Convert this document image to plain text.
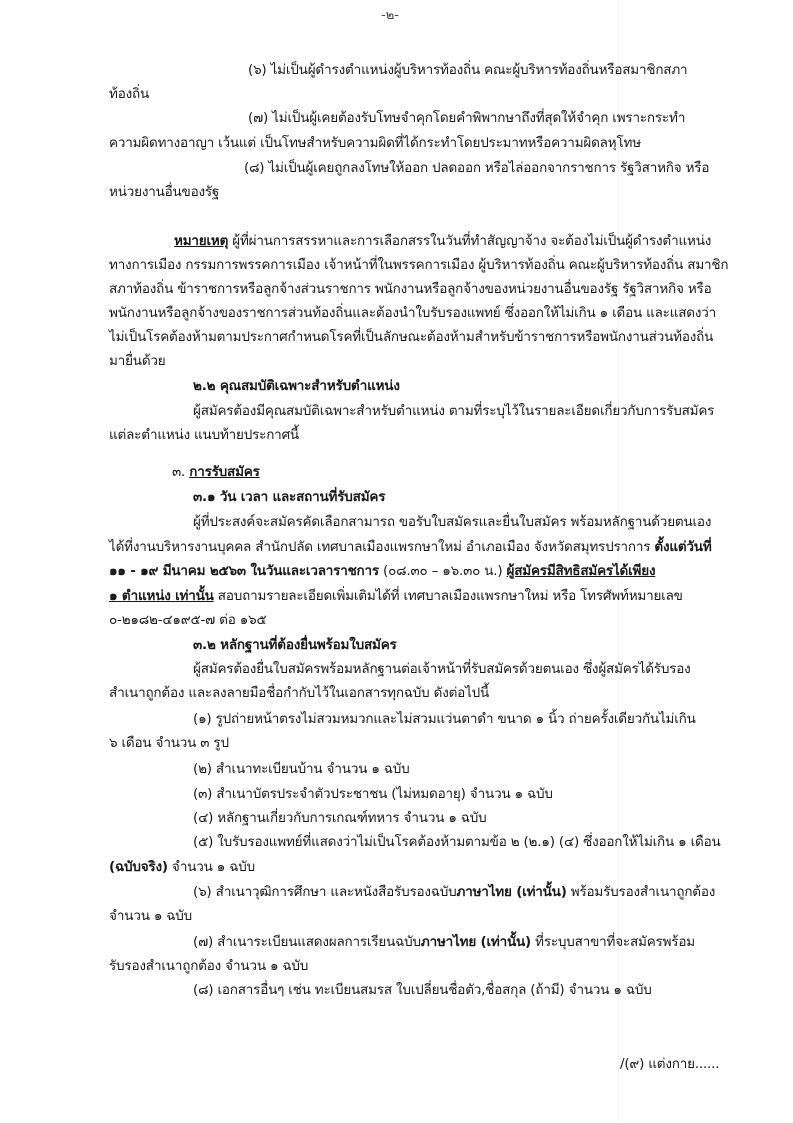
-๒-
(๖) ไม่เป็นผู้ดำรงตำแหน่งผู้บริหารท้องถิ่น คณะผู้บริหารท้องถิ่นหรือสมาชิกสภา
ท้องถิ่น
(๗) ไม่เป็นผู้เคยต้องรับโทษจำคุกโดยคำพิพากษาถึงที่สุดให้จำคุก เพราะกระทำ
ความผิดทางอาญา เว้นแต่ เป็นโทษสำหรับความผิดที่ได้กระทำโดยประมาทหรือความผิดลหุโทษ
(๘) ไม่เป็นผู้เคยถูกลงโทษให้ออก ปลดออก หรือไล่ออกจากราชการ รัฐวิสาหกิจ หรือ
หน่วยงานอื่นของรัฐ
หมายเหตุ ผู้ที่ผ่านการสรรหาและการเลือกสรรในวันที่ทำสัญญาจ้าง จะต้องไม่เป็นผู้ดำรงตำแหน่ง
ทางการเมือง กรรมการพรรคการเมือง เจ้าหน้าที่ในพรรคการเมือง ผู้บริหารท้องถิ่น คณะผู้บริหารท้องถิ่น สมาชิก
สภาท้องถิ่น ข้าราชการหรือลูกจ้างส่วนราชการ พนักงานหรือลูกจ้างของหน่วยงานอื่นของรัฐ รัฐวิสาหกิจ หรือ
พนักงานหรือลูกจ้างของราชการส่วนท้องถิ่นและต้องนำใบรับรองแพทย์ ซึ่งออกให้ไม่เกิน ๑ เดือน และแสดงว่า
ไม่เป็นโรคต้องห้ามตามประกาศกำหนดโรคที่เป็นลักษณะต้องห้ามสำหรับข้าราชการหรือพนักงานส่วนท้องถิ่น
มายื่นด้วย
๒.๒ คุณสมบัติเฉพาะสำหรับตำแหน่ง
ผู้สมัครต้องมีคุณสมบัติเฉพาะสำหรับตำแหน่ง ตามที่ระบุไว้ในรายละเอียดเกี่ยวกับการรับสมัคร
แต่ละตำแหน่ง แนบท้ายประกาศนี้
๓. การรับสมัคร
๓.๑ วัน เวลา และสถานที่รับสมัคร
ผู้ที่ประสงค์จะสมัครคัดเลือกสามารถ ขอรับใบสมัครและยื่นใบสมัคร พร้อมหลักฐานด้วยตนเอง
ได้ที่งานบริหารงานบุคคล สำนักปลัด เทศบาลเมืองแพรกษาใหม่ อำเภอเมือง จังหวัดสมุทรปราการ ตั้งแต่วันที่
๑๑ - ๑๙ มีนาคม ๒๕๖๓ ในวันและเวลาราชการ (๐๘.๓๐ – ๑๖.๓๐ น.) ผู้สมัครมีสิทธิสมัครได้เพียง
๑ ตำแหน่ง เท่านั้น สอบถามรายละเอียดเพิ่มเติมได้ที่ เทศบาลเมืองแพรกษาใหม่ หรือ โทรศัพท์หมายเลข
๐-๒๑๘๒-๔๑๙๕-๗ ต่อ ๑๖๕
๓.๒ หลักฐานที่ต้องยื่นพร้อมใบสมัคร
ผู้สมัครต้องยื่นใบสมัครพร้อมหลักฐานต่อเจ้าหน้าที่รับสมัครด้วยตนเอง ซึ่งผู้สมัครได้รับรอง
สำเนาถูกต้อง และลงลายมือชื่อกำกับไว้ในเอกสารทุกฉบับ ดังต่อไปนี้
(๑) รูปถ่ายหน้าตรงไม่สวมหมวกและไม่สวมแว่นตาดำ ขนาด ๑ นิ้ว ถ่ายครั้งเดียวกันไม่เกิน
๖ เดือน จำนวน ๓ รูป
(๒) สำเนาทะเบียนบ้าน จำนวน ๑ ฉบับ
(๓) สำเนาบัตรประจำตัวประชาชน (ไม่หมดอายุ) จำนวน ๑ ฉบับ
(๔) หลักฐานเกี่ยวกับการเกณฑ์ทหาร จำนวน ๑ ฉบับ
(๕) ใบรับรองแพทย์ที่แสดงว่าไม่เป็นโรคต้องห้ามตามข้อ ๒ (๒.๑) (๔) ซึ่งออกให้ไม่เกิน ๑ เดือน
(ฉบับจริง) จำนวน ๑ ฉบับ
(๖) สำเนาวุฒิการศึกษา และหนังสือรับรองฉบับภาษาไทย (เท่านั้น) พร้อมรับรองสำเนาถูกต้อง
จำนวน ๑ ฉบับ
(๗) สำเนาระเบียนแสดงผลการเรียนฉบับภาษาไทย (เท่านั้น) ที่ระบุบสาขาที่จะสมัครพร้อม
รับรองสำเนาถูกต้อง จำนวน ๑ ฉบับ
(๘) เอกสารอื่นๆ เช่น ทะเบียนสมรส ใบเปลี่ยนชื่อตัว,ชื่อสกุล (ถ้ามี) จำนวน ๑ ฉบับ
/(๙) แต่งกาย......
